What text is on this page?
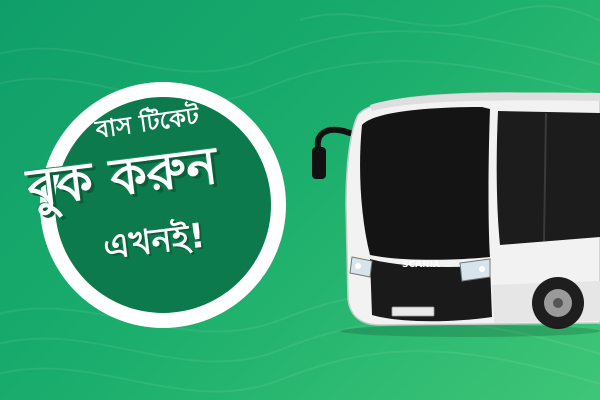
বাস টিকেট
বুক করুন
এখনই!	SCANIA
